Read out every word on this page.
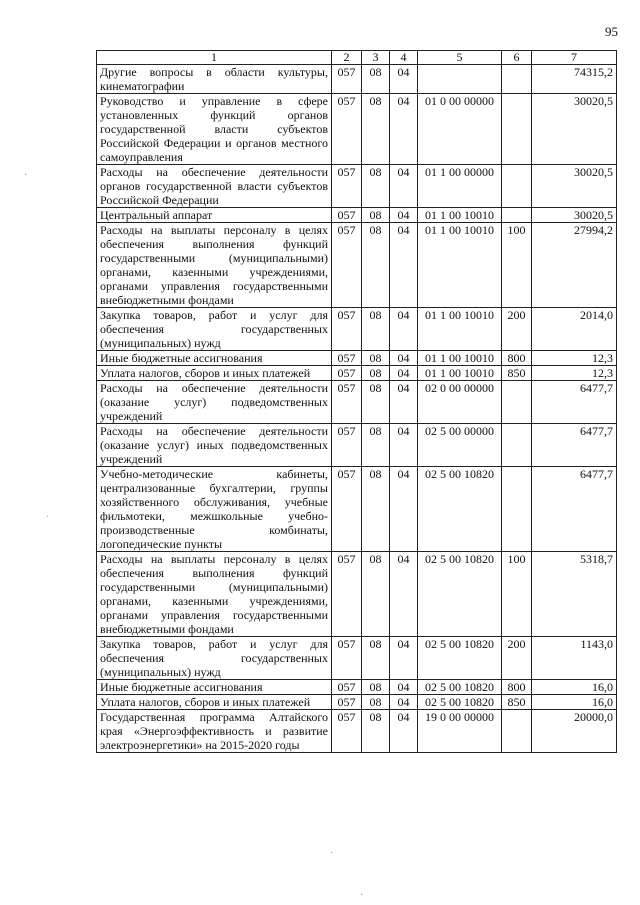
95
1	2	3	4	5	6	7
Другие вопросы в области культуры, кинематографии	057	08	04			74315,2
Руководство и управление в сфере установленных функций органов государственной власти субъектов Российской Федерации и органов местного самоуправления	057	08	04	01 0 00 00000		30020,5
Расходы на обеспечение деятельности органов государственной власти субъектов Российской Федерации	057	08	04	01 1 00 00000		30020,5
Центральный аппарат	057	08	04	01 1 00 10010		30020,5
Расходы на выплаты персоналу в целях обеспечения выполнения функций государственными (муниципальными) органами, казенными учреждениями, органами управления государственными внебюджетными фондами	057	08	04	01 1 00 10010	100	27994,2
Закупка товаров, работ и услуг для обеспечения государственных (муниципальных) нужд	057	08	04	01 1 00 10010	200	2014,0
Иные бюджетные ассигнования	057	08	04	01 1 00 10010	800	12,3
Уплата налогов, сборов и иных платежей	057	08	04	01 1 00 10010	850	12,3
Расходы на обеспечение деятельности (оказание услуг) подведомственных учреждений	057	08	04	02 0 00 00000		6477,7
Расходы на обеспечение деятельности (оказание услуг) иных подведомственных учреждений	057	08	04	02 5 00 00000		6477,7
Учебно-методические кабинеты, централизованные бухгалтерии, группы хозяйственного обслуживания, учебные фильмотеки, межшкольные учебно-производственные комбинаты, логопедические пункты	057	08	04	02 5 00 10820		6477,7
Расходы на выплаты персоналу в целях обеспечения выполнения функций государственными (муниципальными) органами, казенными учреждениями, органами управления государственными внебюджетными фондами	057	08	04	02 5 00 10820	100	5318,7
Закупка товаров, работ и услуг для обеспечения государственных (муниципальных) нужд	057	08	04	02 5 00 10820	200	1143,0
Иные бюджетные ассигнования	057	08	04	02 5 00 10820	800	16,0
Уплата налогов, сборов и иных платежей	057	08	04	02 5 00 10820	850	16,0
Государственная программа Алтайского края «Энергоэффективность и развитие электроэнергетики» на 2015-2020 годы	057	08	04	19 0 00 00000		20000,0
·
·
·
·
